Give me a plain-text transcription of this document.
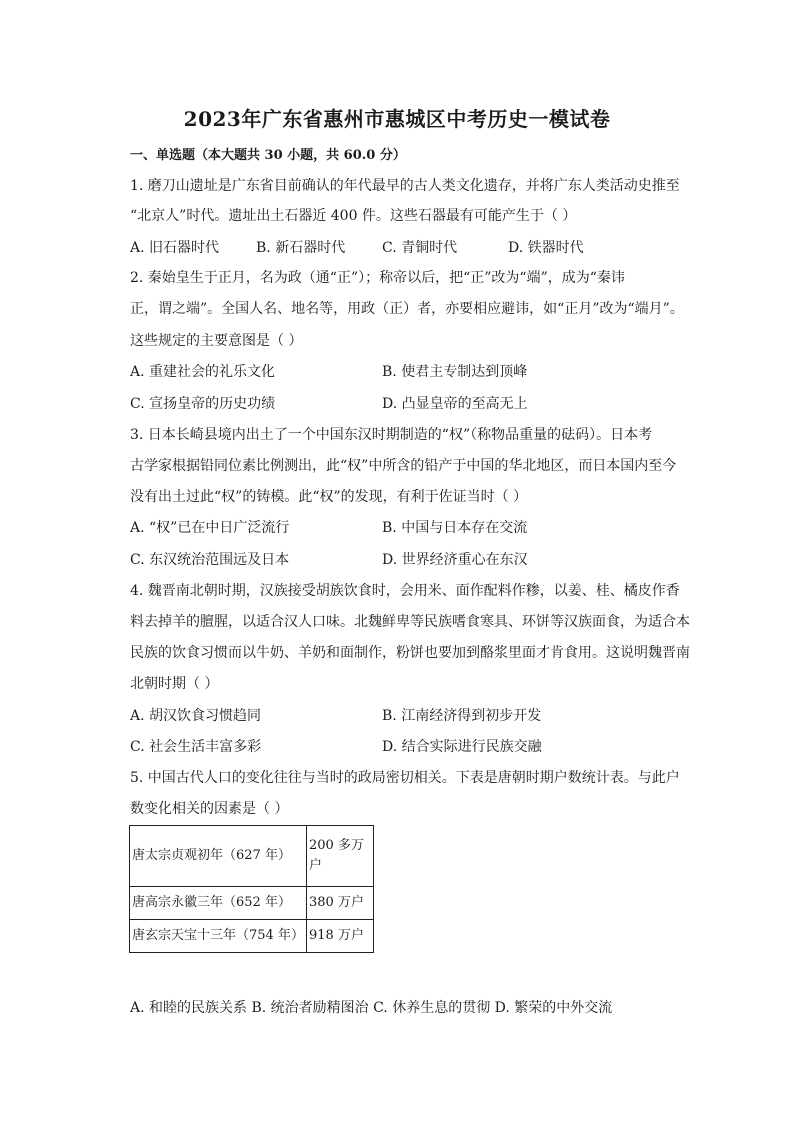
2023年广东省惠州市惠城区中考历史一模试卷
一、单选题（本大题共 30 小题，共 60.0 分）
1. 磨刀山遗址是广东省目前确认的年代最早的古人类文化遗存，并将广东人类活动史推至
“北京人”时代。遗址出土石器近 400 件。这些石器最有可能产生于（ ）
A. 旧石器时代	B. 新石器时代	C. 青铜时代	D. 铁器时代
2. 秦始皇生于正月，名为政（通“正”）；称帝以后，把“正”改为“端”，成为“秦讳
正，谓之端”。全国人名、地名等，用政（正）者，亦要相应避讳，如“正月”改为“端月”。
这些规定的主要意图是（ ）
A. 重建社会的礼乐文化	B. 使君主专制达到顶峰
C. 宣扬皇帝的历史功绩	D. 凸显皇帝的至高无上
3. 日本长崎县境内出土了一个中国东汉时期制造的“权”（称物品重量的砝码）。日本考
古学家根据铅同位素比例测出，此“权”中所含的铅产于中国的华北地区，而日本国内至今
没有出土过此“权”的铸模。此“权”的发现，有利于佐证当时（ ）
A. “权”已在中日广泛流行	B. 中国与日本存在交流
C. 东汉统治范围远及日本	D. 世界经济重心在东汉
4. 魏晋南北朝时期，汉族接受胡族饮食时，会用米、面作配料作糁，以姜、桂、橘皮作香
料去掉羊的膻腥，以适合汉人口味。北魏鲜卑等民族嗜食寒具、环饼等汉族面食，为适合本
民族的饮食习惯而以牛奶、羊奶和面制作，粉饼也要加到酪浆里面才肯食用。这说明魏晋南
北朝时期（ ）
A. 胡汉饮食习惯趋同	B. 江南经济得到初步开发
C. 社会生活丰富多彩	D. 结合实际进行民族交融
5. 中国古代人口的变化往往与当时的政局密切相关。下表是唐朝时期户数统计表。与此户
数变化相关的因素是（ ）
唐太宗贞观初年（627 年）	200 多万
户
唐高宗永徽三年（652 年）	380 万户
唐玄宗天宝十三年（754 年）	918 万户
A. 和睦的民族关系 B. 统治者励精图治 C. 休养生息的贯彻 D. 繁荣的中外交流
